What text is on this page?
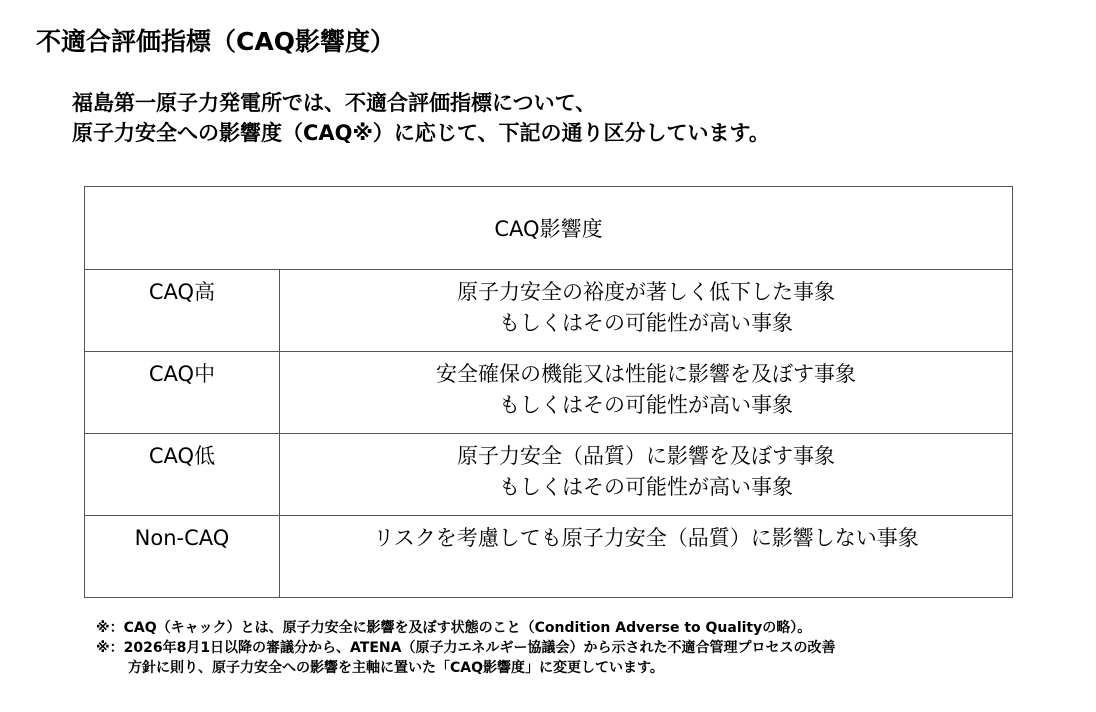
不適合評価指標（CAQ影響度）

福島第一原子力発電所では、不適合評価指標について、

原子力安全への影響度（CAQ※）に応じて、下記の通り区分しています。

CAQ影響度	
CAQ高	原子力安全の裕度が著しく低下した事象
もしくはその可能性が高い事象

CAQ中	安全確保の機能又は性能に影響を及ぼす事象
もしくはその可能性が高い事象

CAQ低	原子力安全（品質）に影響を及ぼす事象
もしくはその可能性が高い事象

Non-CAQ	リスクを考慮しても原子力安全（品質）に影響しない事象
※：CAQ（キャック）とは、原子力安全に影響を及ぼす状態のこと（Condition Adverse to Qualityの略）。
※：2026年8月1日以降の審議分から、ATENA（原子力エネルギー協議会）から示された不適合管理プロセスの改善
方針に則り、原子力安全への影響を主軸に置いた「CAQ影響度」に変更しています。
